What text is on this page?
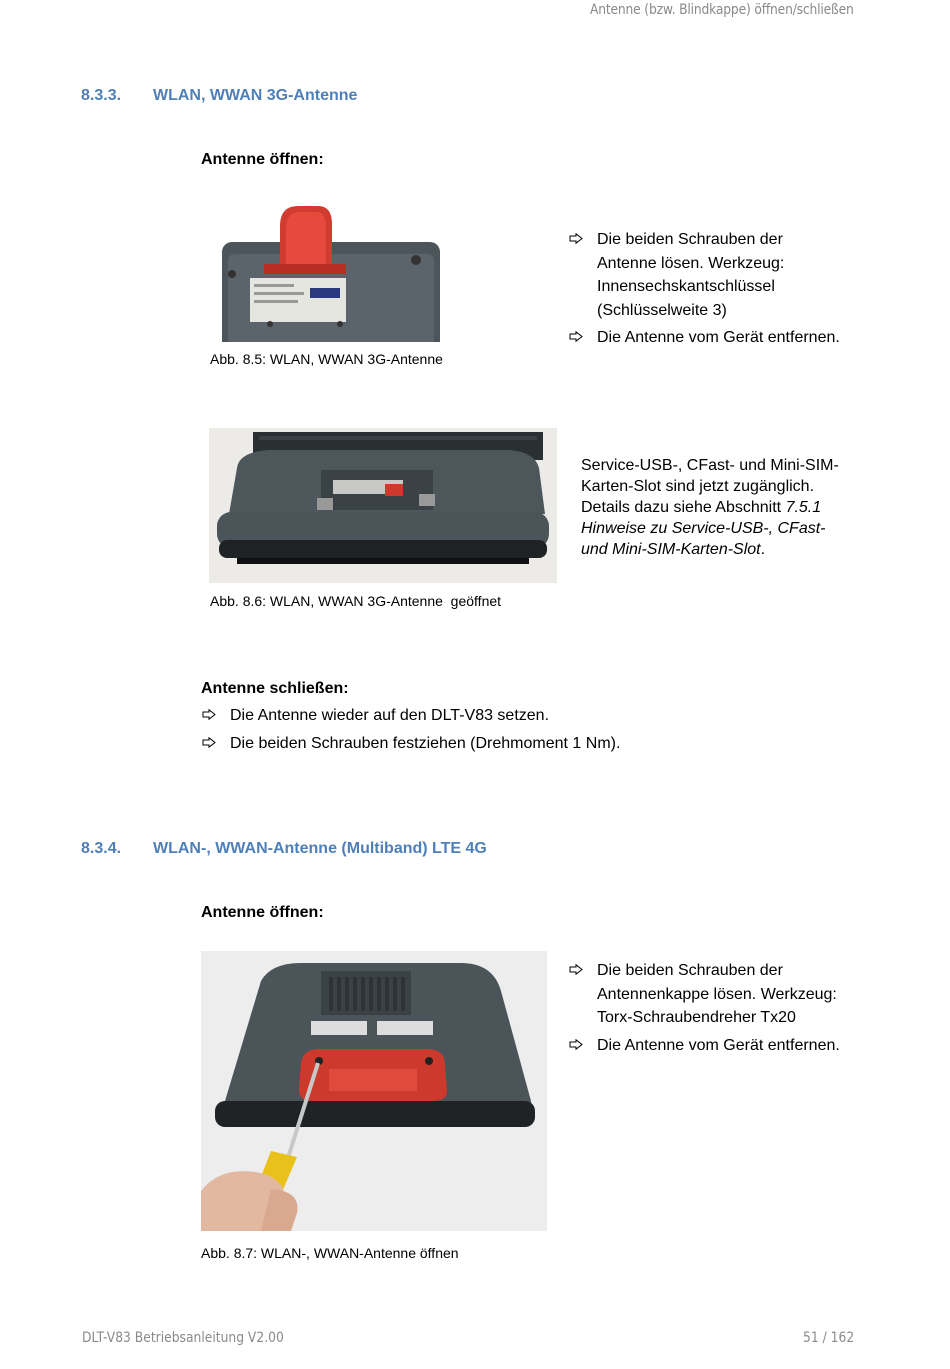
Antenne (bzw. Blindkappe) öffnen/schließen
8.3.3. WLAN, WWAN 3G-Antenne
Antenne öffnen:
Abb. 8.5: WLAN, WWAN 3G-Antenne
Die beiden Schrauben der Antenne lösen. Werkzeug: Innensechskantschlüssel (Schlüsselweite 3)
Die Antenne vom Gerät entfernen.
Abb. 8.6: WLAN, WWAN 3G-Antenne  geöffnet
Service-USB-, CFast- und Mini-SIM-Karten-Slot sind jetzt zugänglich. Details dazu siehe Abschnitt 7.5.1 Hinweise zu Service-USB-, CFast- und Mini-SIM-Karten-Slot.
Antenne schließen:
Die Antenne wieder auf den DLT-V83 setzen.
Die beiden Schrauben festziehen (Drehmoment 1 Nm).
8.3.4. WLAN-, WWAN-Antenne (Multiband) LTE 4G
Antenne öffnen:
Abb. 8.7: WLAN-, WWAN-Antenne öffnen
Die beiden Schrauben der Antennenkappe lösen. Werkzeug: Torx-Schraubendreher Tx20
Die Antenne vom Gerät entfernen.
DLT-V83 Betriebsanleitung V2.00	51 / 162
